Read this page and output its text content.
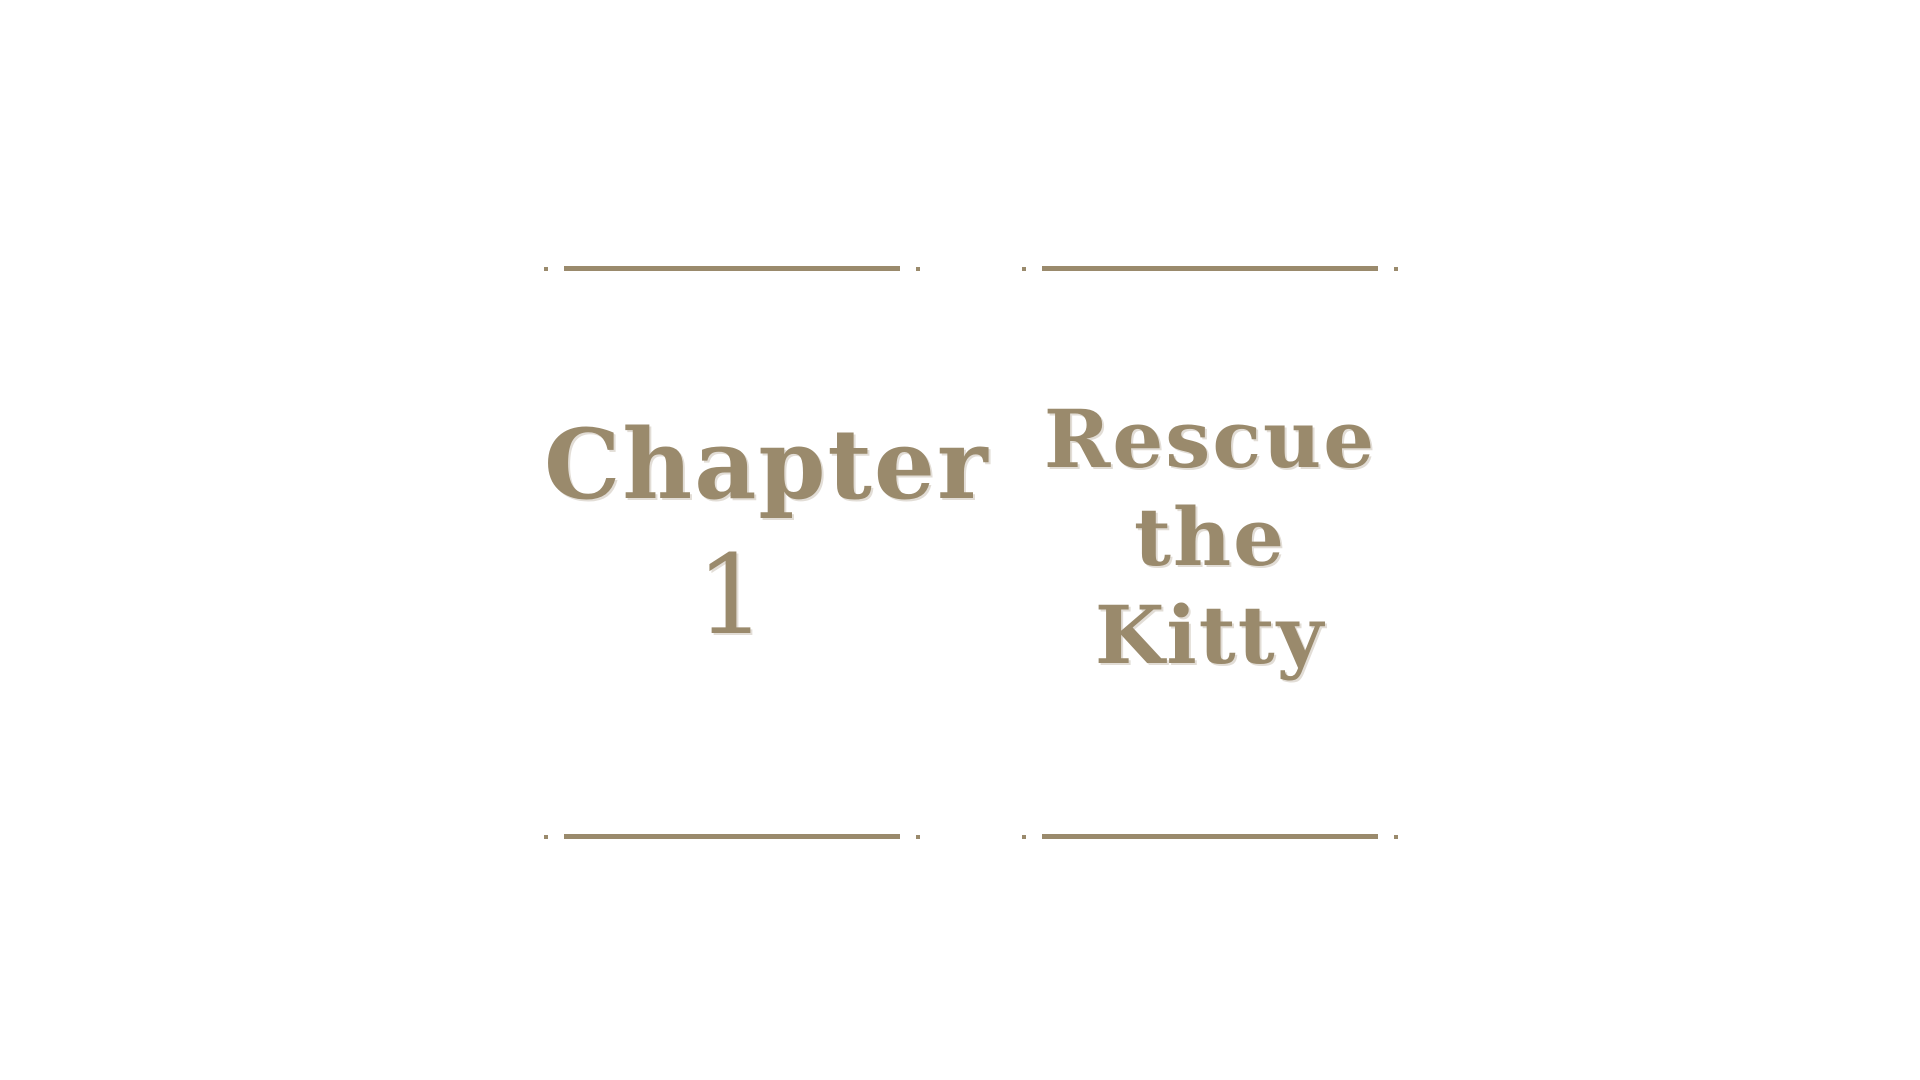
Chapter
1
Rescue
the
Kitty
